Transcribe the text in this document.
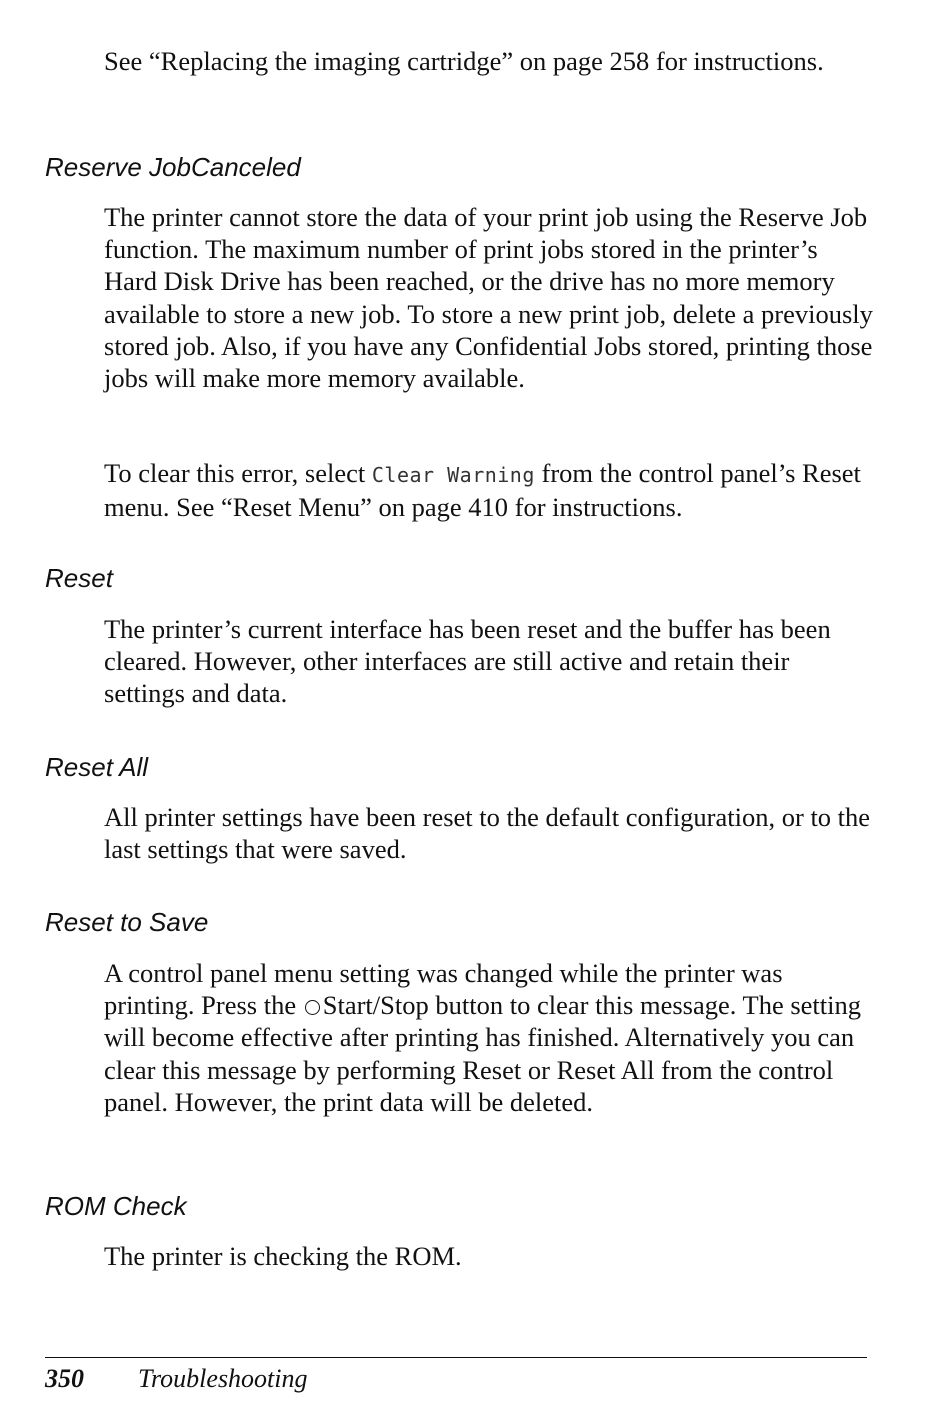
See “Replacing the imaging cartridge” on page 258 for instructions.

Reserve JobCanceled

The printer cannot store the data of your print job using the Reserve Job function. The maximum number of print jobs stored in the printer’s Hard Disk Drive has been reached, or the drive has no more memory available to store a new job. To store a new print job, delete a previously stored job. Also, if you have any Confidential Jobs stored, printing those jobs will make more memory available.

To clear this error, select Clear Warning from the control panel’s Reset menu. See “Reset Menu” on page 410 for instructions.

Reset

The printer’s current interface has been reset and the buffer has been cleared. However, other interfaces are still active and retain their settings and data.

Reset All

All printer settings have been reset to the default configuration, or to the last settings that were saved.

Reset to Save

A control panel menu setting was changed while the printer was printing. Press the Start/Stop button to clear this message. The setting will become effective after printing has finished. Alternatively you can clear this message by performing Reset or Reset All from the control panel. However, the print data will be deleted.

ROM Check

The printer is checking the ROM.

350 Troubleshooting
